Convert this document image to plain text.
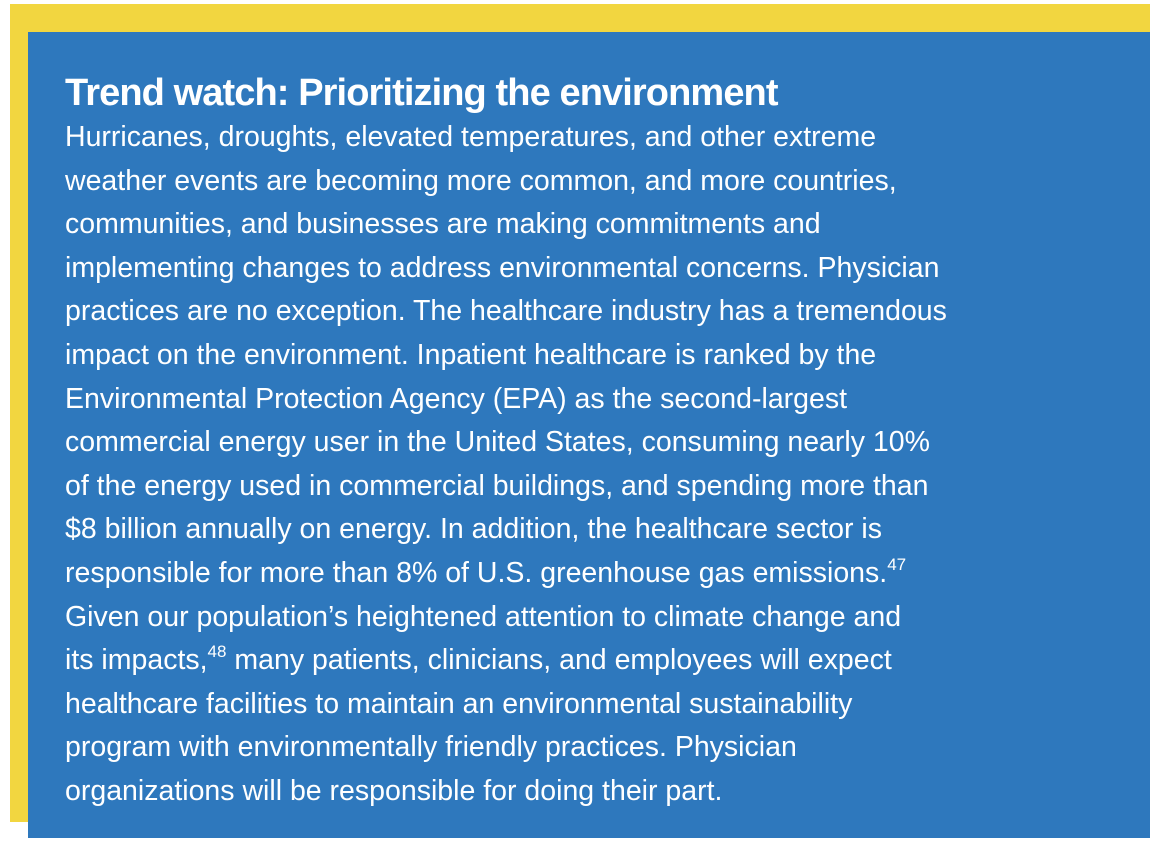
Trend watch: Prioritizing the environment

Hurricanes, droughts, elevated temperatures, and other extreme
weather events are becoming more common, and more countries,
communities, and businesses are making commitments and
implementing changes to address environmental concerns. Physician
practices are no exception. The healthcare industry has a tremendous
impact on the environment. Inpatient healthcare is ranked by the
Environmental Protection Agency (EPA) as the second-largest
commercial energy user in the United States, consuming nearly 10%
of the energy used in commercial buildings, and spending more than
$8 billion annually on energy. In addition, the healthcare sector is
responsible for more than 8% of U.S. greenhouse gas emissions.$^{47}$
Given our population’s heightened attention to climate change and
its impacts,$^{48}$ many patients, clinicians, and employees will expect
healthcare facilities to maintain an environmental sustainability
program with environmentally friendly practices. Physician
organizations will be responsible for doing their part.
